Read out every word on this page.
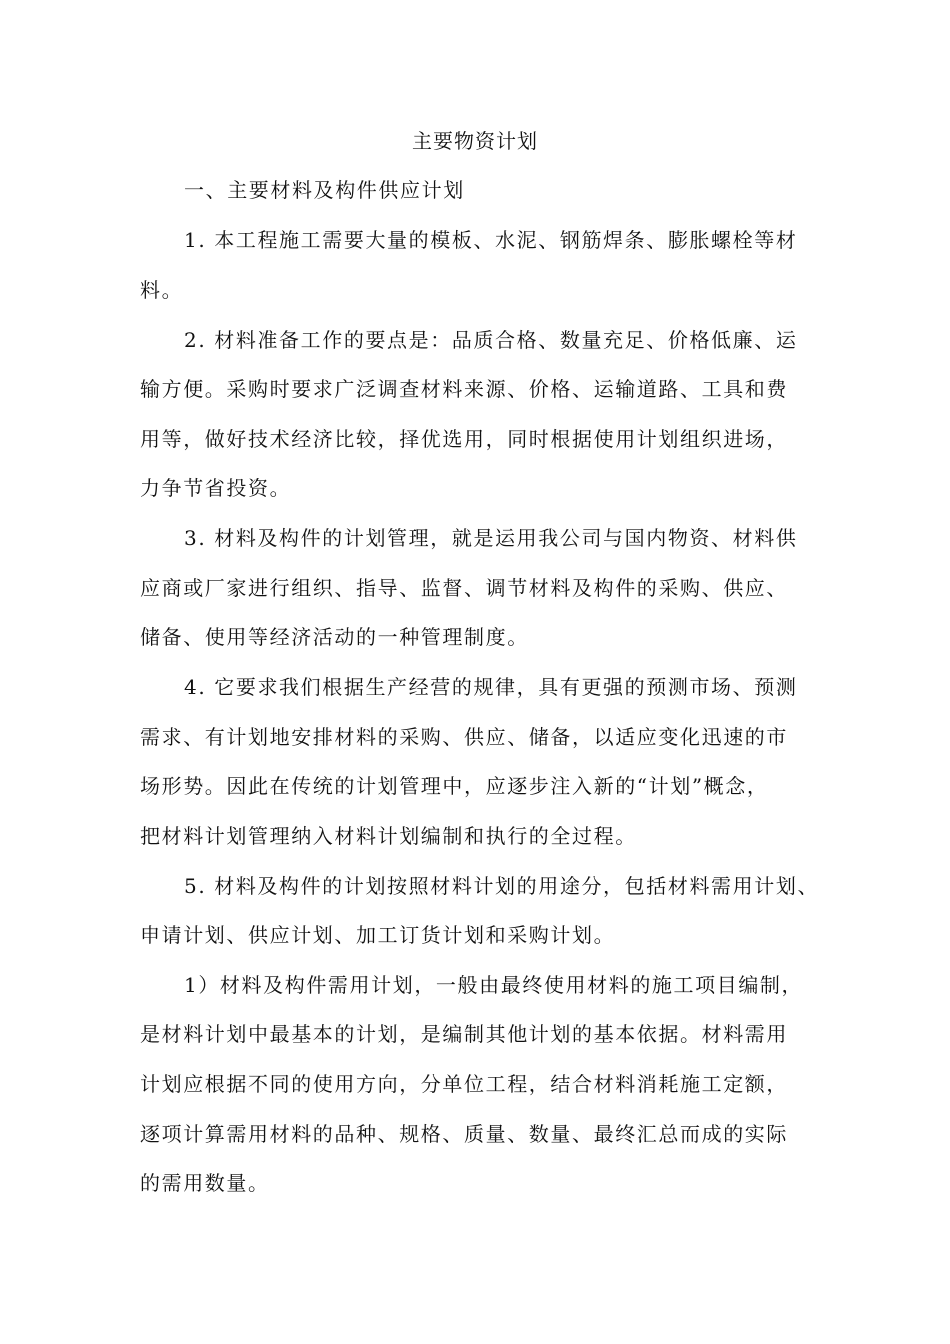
主要物资计划
一、主要材料及构件供应计划
1. 本工程施工需要大量的模板、水泥、钢筋焊条、膨胀螺栓等材
料。
2. 材料准备工作的要点是：品质合格、数量充足、价格低廉、运
输方便。采购时要求广泛调查材料来源、价格、运输道路、工具和费
用等，做好技术经济比较，择优选用，同时根据使用计划组织进场，
力争节省投资。
3. 材料及构件的计划管理，就是运用我公司与国内物资、材料供
应商或厂家进行组织、指导、监督、调节材料及构件的采购、供应、
储备、使用等经济活动的一种管理制度。
4. 它要求我们根据生产经营的规律，具有更强的预测市场、预测
需求、有计划地安排材料的采购、供应、储备，以适应变化迅速的市
场形势。因此在传统的计划管理中，应逐步注入新的“计划”概念，
把材料计划管理纳入材料计划编制和执行的全过程。
5. 材料及构件的计划按照材料计划的用途分，包括材料需用计划、
申请计划、供应计划、加工订货计划和采购计划。
1）材料及构件需用计划，一般由最终使用材料的施工项目编制，
是材料计划中最基本的计划，是编制其他计划的基本依据。材料需用
计划应根据不同的使用方向，分单位工程，结合材料消耗施工定额，
逐项计算需用材料的品种、规格、质量、数量、最终汇总而成的实际
的需用数量。
